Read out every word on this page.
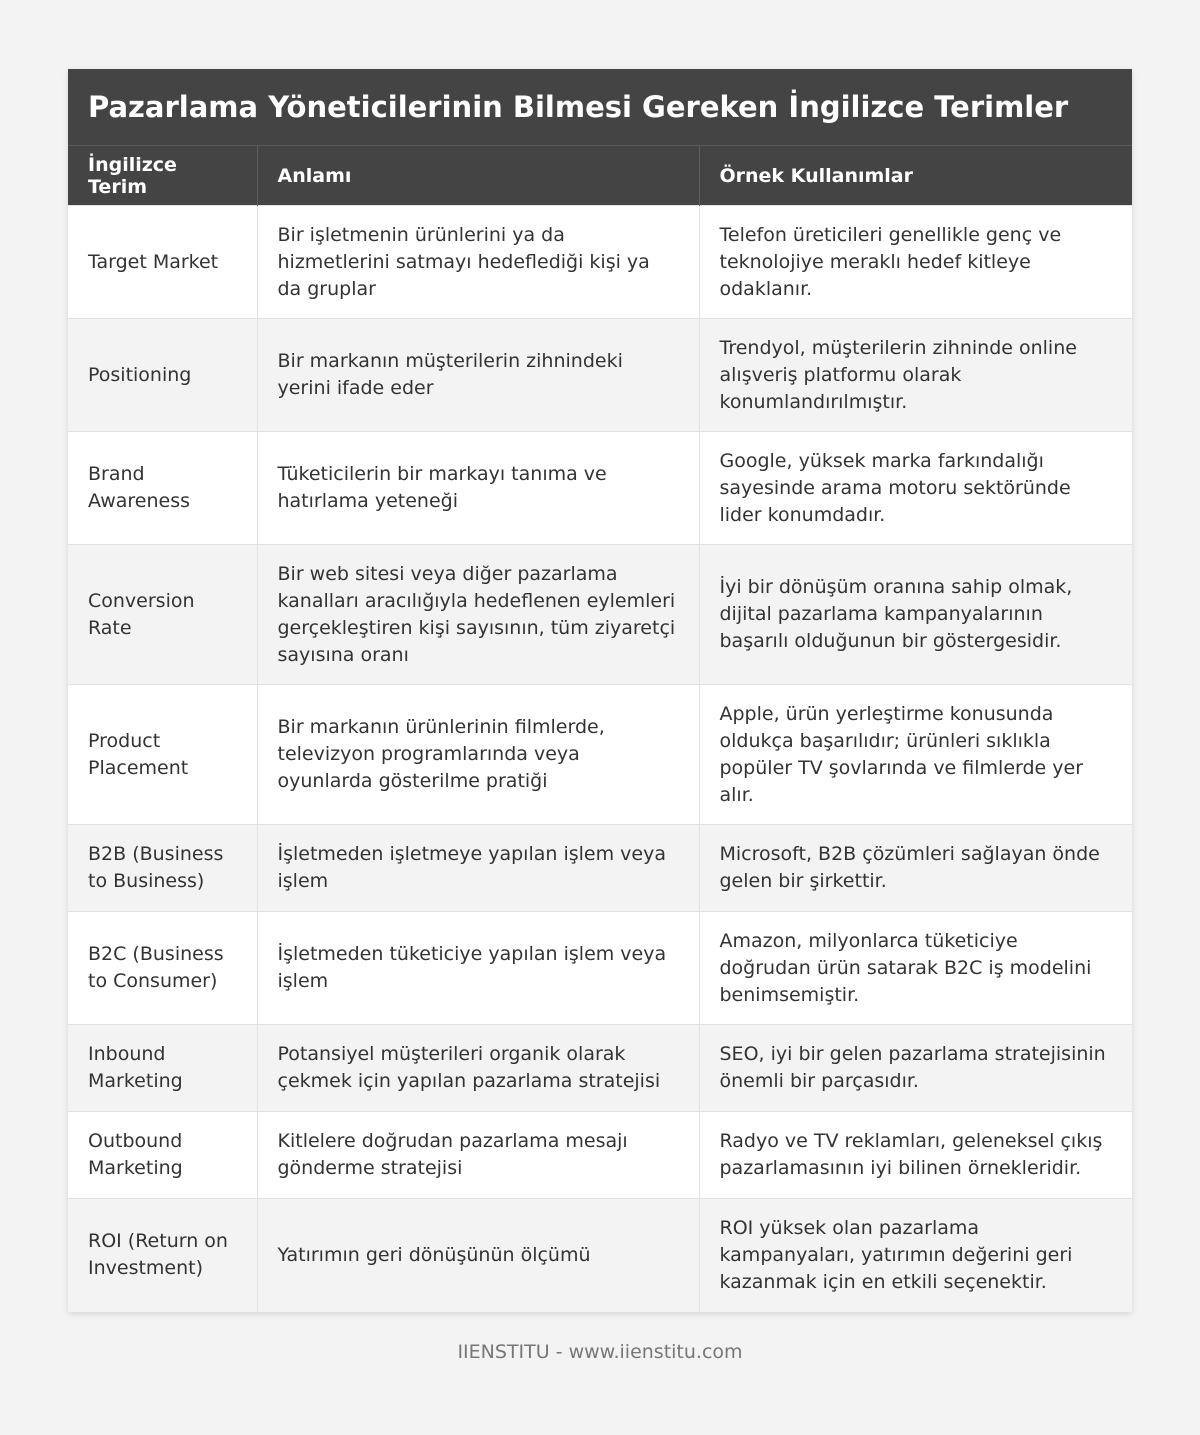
Pazarlama Yöneticilerinin Bilmesi Gereken İngilizce Terimler
İngilizce Terim	Anlamı	Örnek Kullanımlar
Target Market	Bir işletmenin ürünlerini ya da hizmetlerini satmayı hedeflediği kişi ya da gruplar	Telefon üreticileri genellikle genç ve teknolojiye meraklı hedef kitleye odaklanır.
Positioning	Bir markanın müşterilerin zihnindeki yerini ifade eder	Trendyol, müşterilerin zihninde online alışveriş platformu olarak konumlandırılmıştır.
Brand Awareness	Tüketicilerin bir markayı tanıma ve hatırlama yeteneği	Google, yüksek marka farkındalığı sayesinde arama motoru sektöründe lider konumdadır.
Conversion Rate	Bir web sitesi veya diğer pazarlama kanalları aracılığıyla hedeflenen eylemleri gerçekleştiren kişi sayısının, tüm ziyaretçi sayısına oranı	İyi bir dönüşüm oranına sahip olmak, dijital pazarlama kampanyalarının başarılı olduğunun bir göstergesidir.
Product Placement	Bir markanın ürünlerinin filmlerde, televizyon programlarında veya oyunlarda gösterilme pratiği	Apple, ürün yerleştirme konusunda oldukça başarılıdır; ürünleri sıklıkla popüler TV şovlarında ve filmlerde yer alır.
B2B (Business to Business)	İşletmeden işletmeye yapılan işlem veya işlem	Microsoft, B2B çözümleri sağlayan önde gelen bir şirkettir.
B2C (Business to Consumer)	İşletmeden tüketiciye yapılan işlem veya işlem	Amazon, milyonlarca tüketiciye doğrudan ürün satarak B2C iş modelini benimsemiştir.
Inbound Marketing	Potansiyel müşterileri organik olarak çekmek için yapılan pazarlama stratejisi	SEO, iyi bir gelen pazarlama stratejisinin önemli bir parçasıdır.
Outbound Marketing	Kitlelere doğrudan pazarlama mesajı gönderme stratejisi	Radyo ve TV reklamları, geleneksel çıkış pazarlamasının iyi bilinen örnekleridir.
ROI (Return on Investment)	Yatırımın geri dönüşünün ölçümü	ROI yüksek olan pazarlama kampanyaları, yatırımın değerini geri kazanmak için en etkili seçenektir.
IIENSTITU - www.iienstitu.com
